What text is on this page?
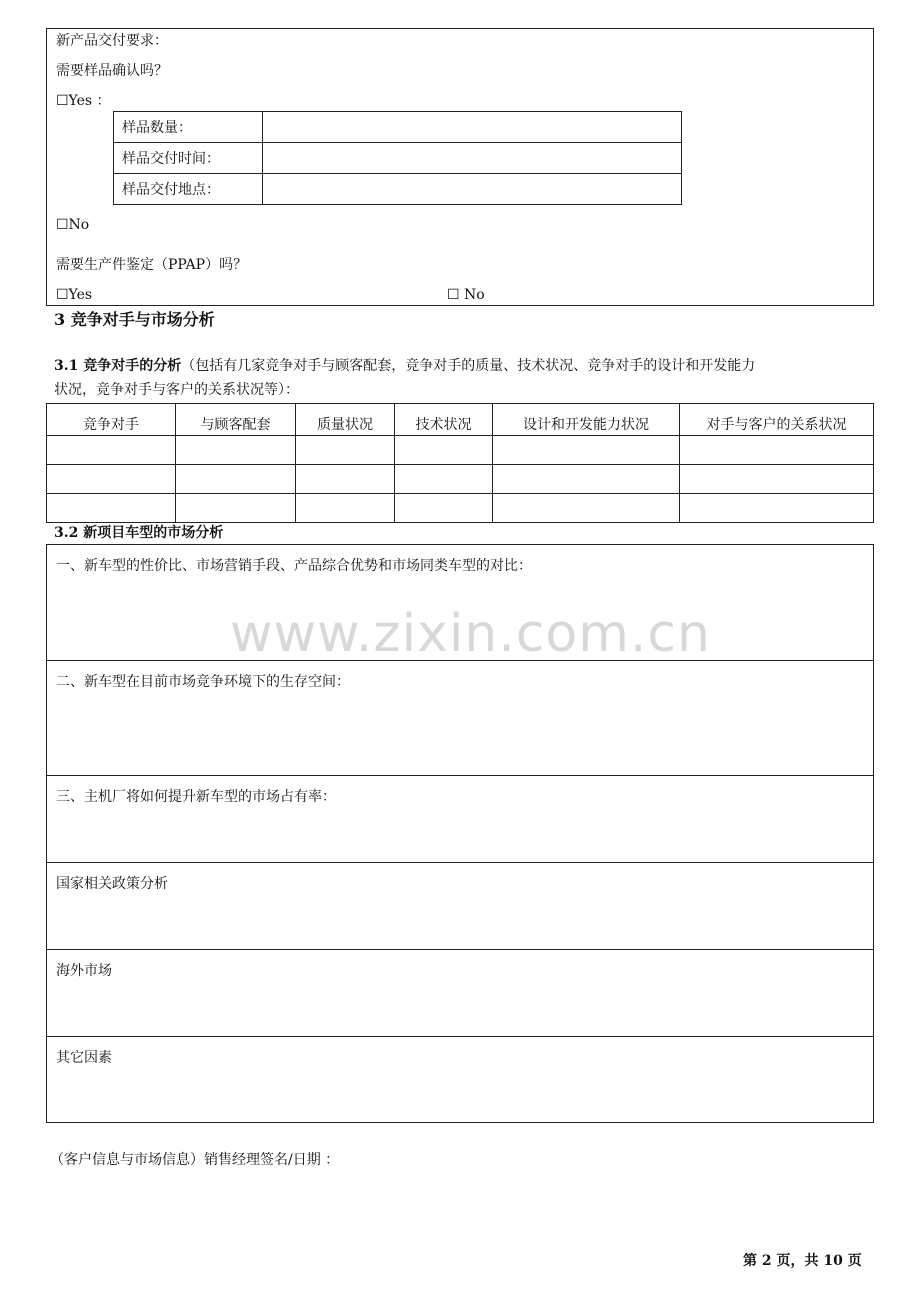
新产品交付要求：
需要样品确认吗？
☐Yes ：
样品数量：	
样品交付时间：	
样品交付地点：	
☐No
需要生产件鉴定（PPAP）吗？
☐Yes	☐ No
3 竞争对手与市场分析
3.1 竞争对手的分析（包括有几家竞争对手与顾客配套，竞争对手的质量、技术状况、竞争对手的设计和开发能力
状况，竞争对手与客户的关系状况等）：
竞争对手	与顾客配套	质量状况	技术状况	设计和开发能力状况	对手与客户的关系状况

3.2 新项目车型的市场分析
一、新车型的性价比、市场营销手段、产品综合优势和市场同类车型的对比：
二、新车型在目前市场竞争环境下的生存空间：
三、主机厂将如何提升新车型的市场占有率：
国家相关政策分析
海外市场
其它因素
www.zixin.com.cn
（客户信息与市场信息）销售经理签名/日期 ：
第 2 页，共 10 页
